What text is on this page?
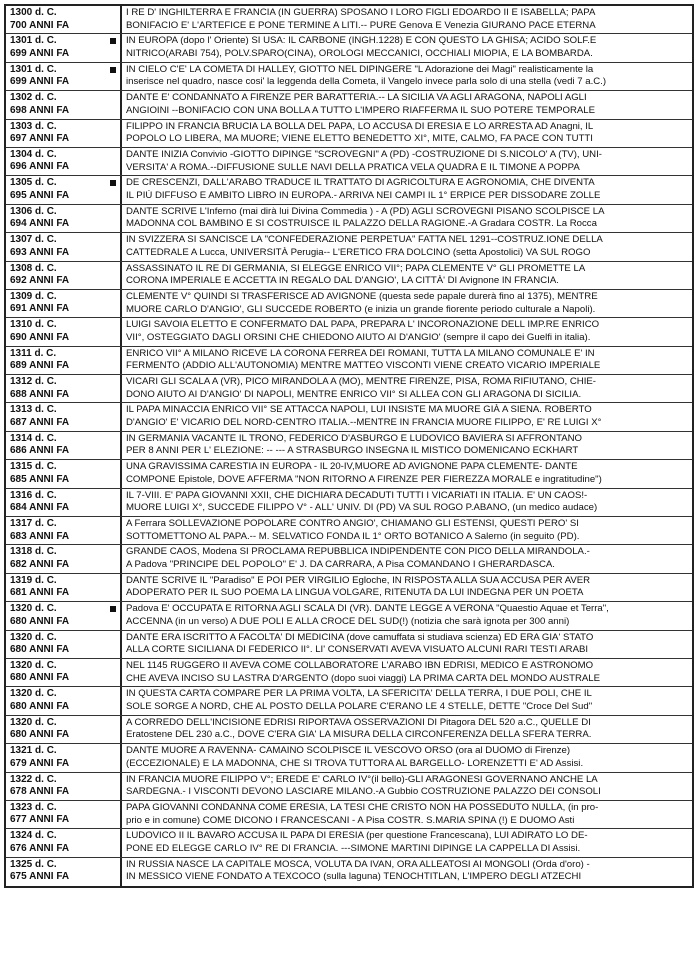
1300 d. C.
700 ANNI FA
I RE D' INGHILTERRA E FRANCIA (IN GUERRA) SPOSANO I LORO FIGLI EDOARDO II E ISABELLA; PAPA
BONIFACIO E' L'ARTEFICE E PONE TERMINE A LITI.-- PURE Genova E Venezia GIURANO PACE ETERNA
1301 d. C.
699 ANNI FA
IN EUROPA (dopo l' Oriente) SI USA: IL CARBONE (INGH.1228) E CON QUESTO LA GHISA; ACIDO SOLF.E
NITRICO(ARABI 754), POLV.SPARO(CINA), OROLOGI MECCANICI, OCCHIALI MIOPIA, E LA BOMBARDA.
1301 d. C.
699 ANNI FA
IN CIELO C'E' LA COMETA DI HALLEY, GIOTTO NEL DIPINGERE "L Adorazione dei Magi" realisticamente la
inserisce nel quadro, nasce cosi' la leggenda della Cometa, il Vangelo invece parla solo di una stella (vedi 7 a.C.)
1302 d. C.
698 ANNI FA
DANTE E' CONDANNATO A FIRENZE PER BARATTERIA.-- LA SICILIA VA AGLI ARAGONA, NAPOLI AGLI
ANGIOINI --BONIFACIO CON UNA BOLLA A TUTTO L'IMPERO RIAFFERMA IL SUO POTERE TEMPORALE
1303 d. C.
697 ANNI FA
FILIPPO IN FRANCIA BRUCIA LA BOLLA DEL PAPA, LO ACCUSA DI ERESIA E LO ARRESTA AD Anagni, IL
POPOLO LO LIBERA, MA MUORE; VIENE ELETTO BENEDETTO XI°, MITE, CALMO, FA PACE CON TUTTI
1304 d. C.
696 ANNI FA
DANTE INIZIA Convivio -GIOTTO DIPINGE "SCROVEGNI" A (PD) -COSTRUZIONE DI S.NICOLO' A (TV), UNI-
VERSITA' A ROMA.--DIFFUSIONE SULLE NAVI DELLA PRATICA VELA QUADRA E IL TIMONE A POPPA
1305 d. C.
695 ANNI FA
DE CRESCENZI, DALL'ARABO TRADUCE IL TRATTATO DI AGRICOLTURA E AGRONOMIA, CHE DIVENTA
IL PIÙ DIFFUSO E AMBITO LIBRO IN EUROPA.- ARRIVA NEI CAMPI IL 1° ERPICE PER DISSODARE ZOLLE
1306 d. C.
694 ANNI FA
DANTE SCRIVE L'Inferno (mai dirà lui Divina Commedia ) - A (PD) AGLI SCROVEGNI PISANO SCOLPISCE LA
MADONNA COL BAMBINO E SI COSTRUISCE IL PALAZZO DELLA RAGIONE.-A Gradara COSTR. La Rocca
1307 d. C.
693 ANNI FA
IN SVIZZERA SI SANCISCE LA "CONFEDERAZIONE PERPETUA" FATTA NEL 1291--COSTRUZ.IONE DELLA
CATTEDRALE A Lucca, UNIVERSITÀ Perugia-- L'ERETICO FRA DOLCINO (setta Apostolici) VA SUL ROGO
1308 d. C.
692 ANNI FA
ASSASSINATO IL RE DI GERMANIA, SI ELEGGE ENRICO VII°; PAPA CLEMENTE V° GLI PROMETTE LA
CORONA IMPERIALE E ACCETTA IN REGALO DAL D'ANGIO', LA CITTÀ' DI Avignone IN FRANCIA.
1309 d. C.
691 ANNI FA
CLEMENTE V° QUINDI SI TRASFERISCE AD AVIGNONE (questa sede papale durerà fino al 1375), MENTRE
MUORE CARLO D'ANGIO', GLI SUCCEDE ROBERTO (e inizia un grande fiorente periodo culturale a Napoli).
1310 d. C.
690 ANNI FA
LUIGI SAVOIA ELETTO E CONFERMATO DAL PAPA, PREPARA L' INCORONAZIONE DELL IMP.RE ENRICO
VII°, OSTEGGIATO DAGLI ORSINI CHE CHIEDONO AIUTO AI D'ANGIO' (sempre il capo dei Guelfi in italia).
1311 d. C.
689 ANNI FA
ENRICO VII° A MILANO RICEVE LA CORONA FERREA DEI ROMANI, TUTTA LA MILANO COMUNALE E' IN
FERMENTO (ADDIO ALL'AUTONOMIA) MENTRE MATTEO VISCONTI VIENE CREATO VICARIO IMPERIALE
1312 d. C.
688 ANNI FA
VICARI GLI SCALA A (VR), PICO MIRANDOLA A (MO), MENTRE FIRENZE, PISA, ROMA RIFIUTANO, CHIE-
DONO AIUTO AI D'ANGIO' DI NAPOLI, MENTRE ENRICO VII° SI ALLEA CON GLI ARAGONA DI SICILIA.
1313 d. C.
687 ANNI FA
IL PAPA MINACCIA ENRICO VII° SE ATTACCA NAPOLI, LUI INSISTE MA MUORE GIÀ A SIENA. ROBERTO
D'ANGIO' E' VICARIO DEL NORD-CENTRO ITALIA.--MENTRE IN FRANCIA MUORE FILIPPO, E' RE LUIGI X°
1314 d. C.
686 ANNI FA
IN GERMANIA VACANTE IL TRONO, FEDERICO D'ASBURGO E LUDOVICO BAVIERA SI AFFRONTANO
PER 8 ANNI PER L' ELEZIONE: -- --- A STRASBURGO INSEGNA IL MISTICO DOMENICANO ECKHART
1315 d. C.
685 ANNI FA
UNA GRAVISSIMA CARESTIA IN EUROPA - IL 20-IV,MUORE AD AVIGNONE PAPA CLEMENTE- DANTE
COMPONE Epistole, DOVE AFFERMA "NON RITORNO A FIRENZE PER FIEREZZA MORALE e ingratitudine")
1316 d. C.
684 ANNI FA
IL 7-VIII. E' PAPA GIOVANNI XXII, CHE DICHIARA DECADUTI TUTTI I VICARIATI IN ITALIA. E' UN CAOS!-
MUORE LUIGI X°, SUCCEDE FILIPPO V° - ALL' UNIV. DI (PD) VA SUL ROGO P.ABANO, (un medico audace)
1317 d. C.
683 ANNI FA
A Ferrara SOLLEVAZIONE POPOLARE CONTRO ANGIO', CHIAMANO GLI ESTENSI, QUESTI PERO' SI
SOTTOMETTONO AL PAPA.-- M. SELVATICO FONDA IL 1° ORTO BOTANICO A Salerno (in seguito (PD).
1318 d. C.
682 ANNI FA
GRANDE CAOS, Modena SI PROCLAMA REPUBBLICA INDIPENDENTE CON PICO DELLA MIRANDOLA.-
A Padova "PRINCIPE DEL POPOLO" E' J. DA CARRARA, A Pisa COMANDANO I GHERARDASCA.
1319 d. C.
681 ANNI FA
DANTE SCRIVE IL "Paradiso" E POI PER VIRGILIO Egloche, IN RISPOSTA ALLA SUA ACCUSA PER AVER
ADOPERATO PER IL SUO POEMA LA LINGUA VOLGARE, RITENUTA DA LUI INDEGNA PER UN POETA
1320 d. C.
680 ANNI FA
Padova E' OCCUPATA E RITORNA AGLI SCALA DI (VR). DANTE LEGGE A VERONA "Quaestio Aquae et Terra",
ACCENNA (in un verso) A DUE POLI E ALLA CROCE DEL SUD(!) (notizia che sarà ignota per 300 anni)
1320 d. C.
680 ANNI FA
DANTE ERA ISCRITTO A FACOLTA' DI MEDICINA (dove camuffata si studiava scienza) ED ERA GIA' STATO
ALLA CORTE SICILIANA DI FEDERICO II°. LI' CONSERVATI AVEVA VISUATO ALCUNI RARI TESTI ARABI
1320 d. C.
680 ANNI FA
NEL 1145 RUGGERO II AVEVA COME COLLABORATORE L'ARABO IBN EDRISI, MEDICO E ASTRONOMO
CHE AVEVA INCISO SU LASTRA D'ARGENTO (dopo suoi viaggi) LA PRIMA CARTA DEL MONDO AUSTRALE
1320 d. C.
680 ANNI FA
IN QUESTA CARTA COMPARE PER LA PRIMA VOLTA, LA SFERICITA' DELLA TERRA, I DUE POLI, CHE IL
SOLE SORGE A NORD, CHE AL POSTO DELLA POLARE C'ERANO LE 4 STELLE, DETTE "Croce Del Sud"
1320 d. C.
680 ANNI FA
A CORREDO DELL'INCISIONE EDRISI RIPORTAVA OSSERVAZIONI DI Pitagora DEL 520 a.C., QUELLE DI
Eratostene DEL 230 a.C., DOVE C'ERA GIA' LA MISURA DELLA CIRCONFERENZA DELLA SFERA TERRA.
1321 d. C.
679 ANNI FA
DANTE MUORE A RAVENNA- CAMAINO SCOLPISCE IL VESCOVO ORSO (ora al DUOMO di Firenze)
(ECCEZIONALE) E LA MADONNA, CHE SI TROVA TUTTORA AL BARGELLO- LORENZETTI E' AD Assisi.
1322 d. C.
678 ANNI FA
IN FRANCIA MUORE FILIPPO V°; EREDE E' CARLO IV°(il bello)-GLI ARAGONESI GOVERNANO ANCHE LA
SARDEGNA.- I VISCONTI DEVONO LASCIARE MILANO.-A Gubbio COSTRUZIONE PALAZZO DEI CONSOLI
1323 d. C.
677 ANNI FA
PAPA GIOVANNI CONDANNA COME ERESIA, LA TESI CHE CRISTO NON HA POSSEDUTO NULLA, (in pro-
prio e in comune) COME DICONO I FRANCESCANI - A Pisa COSTR. S.MARIA SPINA (!) E DUOMO Asti
1324 d. C.
676 ANNI FA
LUDOVICO II IL BAVARO ACCUSA IL PAPA DI ERESIA (per questione Francescana), LUI ADIRATO LO DE-
PONE ED ELEGGE CARLO IV° RE DI FRANCIA. ---SIMONE MARTINI DIPINGE LA CAPPELLA DI Assisi.
1325 d. C.
675 ANNI FA
IN RUSSIA NASCE LA CAPITALE MOSCA, VOLUTA DA IVAN, ORA ALLEATOSI AI MONGOLI (Orda d'oro) -
IN MESSICO VIENE FONDATO A TEXCOCO (sulla laguna) TENOCHTITLAN, L'IMPERO DEGLI ATZECHI
